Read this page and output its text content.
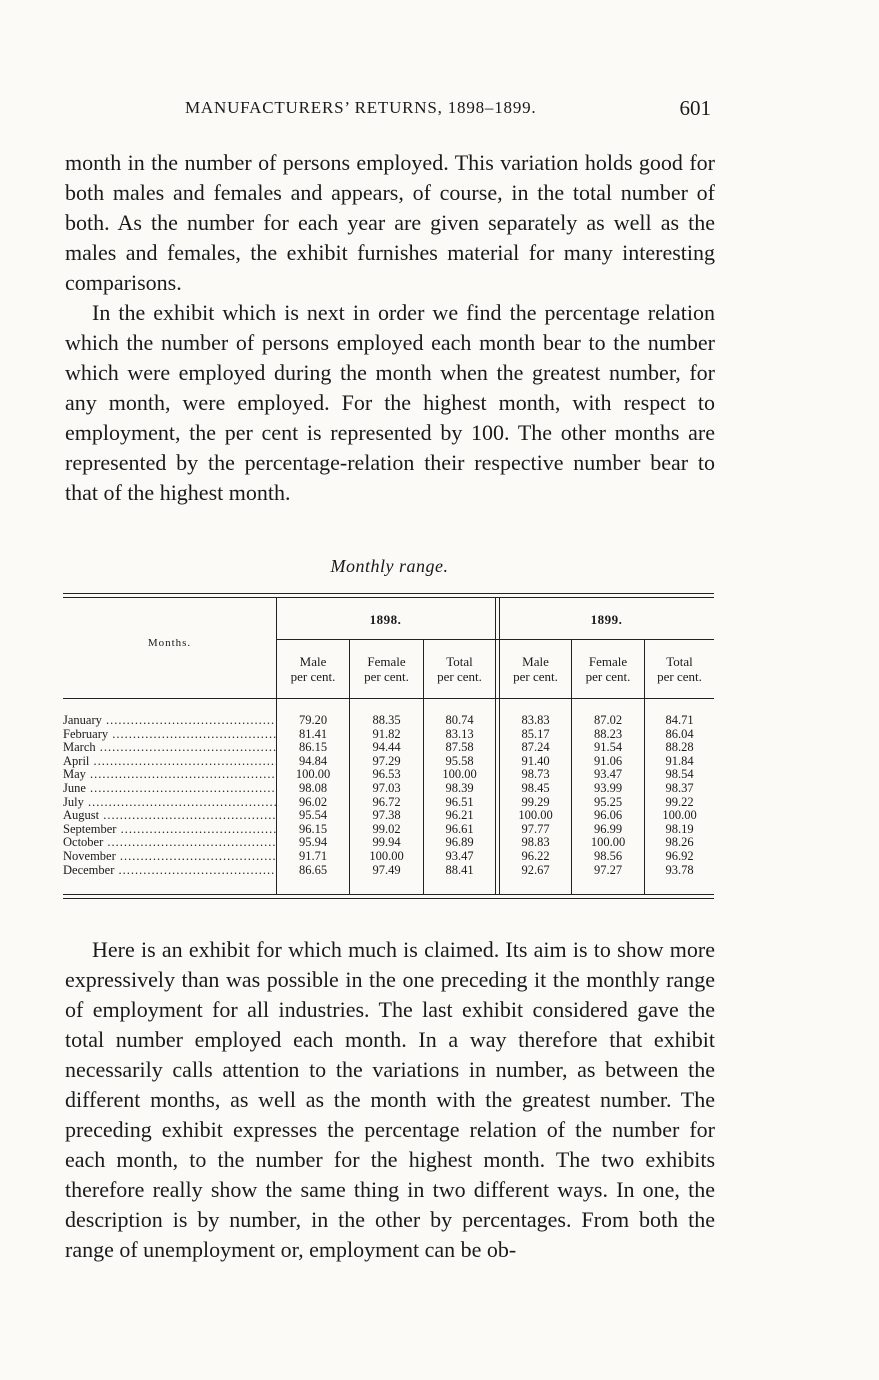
MANUFACTURERS’ RETURNS, 1898–1899.	601

month in the number of persons employed. This variation holds good for both males and females and appears, of course, in the total number of both. As the number for each year are given separately as well as the males and females, the exhibit furnishes material for many interesting comparisons.

In the exhibit which is next in order we find the percentage relation which the number of persons employed each month bear to the number which were employed during the month when the greatest number, for any month, were employed. For the highest month, with respect to employment, the per cent is represented by 100. The other months are represented by the percentage-relation their respective number bear to that of the highest month.

Monthly range.
Months.
1898.	1899.
Male
per cent.
Female
per cent.
Total
per cent.
Male
per cent.
Female
per cent.
Total
per cent.
January .....
February .....
March .....
April .....
May .....
June .....
July .....
August .....
September .....
October .....
November .....
December .....
79.20
81.41
86.15
94.84
100.00
98.08
96.02
95.54
96.15
95.94
91.71
86.65
88.35
91.82
94.44
97.29
96.53
97.03
96.72
97.38
99.02
99.94
100.00
97.49
80.74
83.13
87.58
95.58
100.00
98.39
96.51
96.21
96.61
96.89
93.47
88.41
83.83
85.17
87.24
91.40
98.73
98.45
99.29
100.00
97.77
98.83
96.22
92.67
87.02
88.23
91.54
91.06
93.47
93.99
95.25
96.06
96.99
100.00
98.56
97.27
84.71
86.04
88.28
91.84
98.54
98.37
99.22
100.00
98.19
98.26
96.92
93.78

Here is an exhibit for which much is claimed. Its aim is to show more expressively than was possible in the one preceding it the monthly range of employment for all industries. The last exhibit considered gave the total number employed each month. In a way therefore that exhibit necessarily calls attention to the variations in number, as between the different months, as well as the month with the greatest number. The preceding exhibit expresses the percentage relation of the number for each month, to the number for the highest month. The two exhibits therefore really show the same thing in two different ways. In one, the description is by number, in the other by percentages. From both the range of unemployment or, employment can be ob-
